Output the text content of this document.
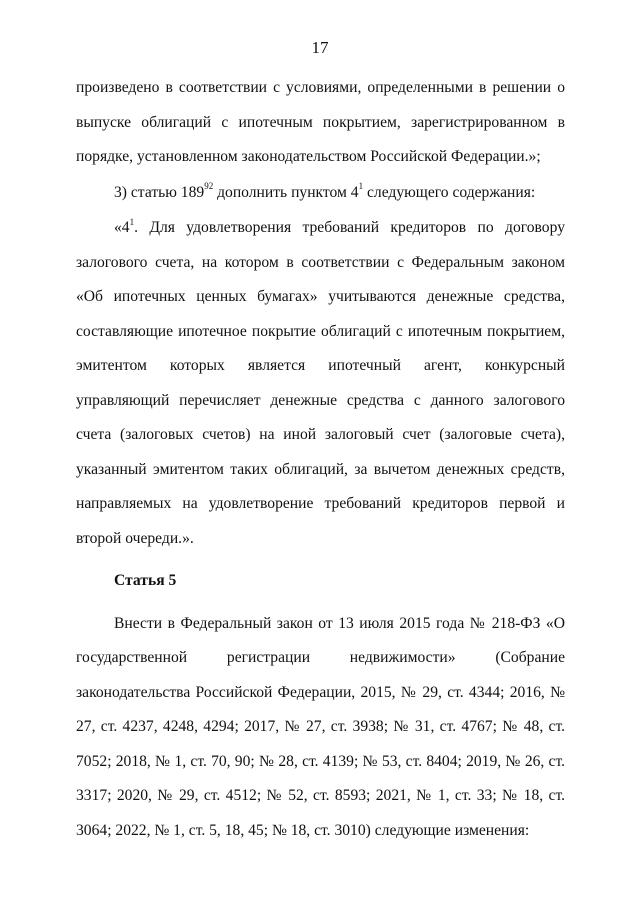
17

произведено в соответствии с условиями, определенными в решении о выпуске облигаций с ипотечным покрытием, зарегистрированном в порядке, установленном законодательством Российской Федерации.»;

3) статью $189^{92}$ дополнить пунктом $4^1$ следующего содержания:

«$4^1$. Для удовлетворения требований кредиторов по договору залогового счета, на котором в соответствии с Федеральным законом «Об ипотечных ценных бумагах» учитываются денежные средства, составляющие ипотечное покрытие облигаций с ипотечным покрытием, эмитентом которых является ипотечный агент, конкурсный управляющий перечисляет денежные средства с данного залогового счета (залоговых счетов) на иной залоговый счет (залоговые счета), указанный эмитентом таких облигаций, за вычетом денежных средств, направляемых на удовлетворение требований кредиторов первой и второй очереди.».

Статья 5

Внести в Федеральный закон от 13 июля 2015 года № 218-ФЗ «О государственной регистрации недвижимости» (Собрание законодательства Российской Федерации, 2015, № 29, ст. 4344; 2016, № 27, ст. 4237, 4248, 4294; 2017, № 27, ст. 3938; № 31, ст. 4767; № 48, ст. 7052; 2018, № 1, ст. 70, 90; № 28, ст. 4139; № 53, ст. 8404; 2019, № 26, ст. 3317; 2020, № 29, ст. 4512; № 52, ст. 8593; 2021, № 1, ст. 33; № 18, ст. 3064; 2022, № 1, ст. 5, 18, 45; № 18, ст. 3010) следующие изменения:
